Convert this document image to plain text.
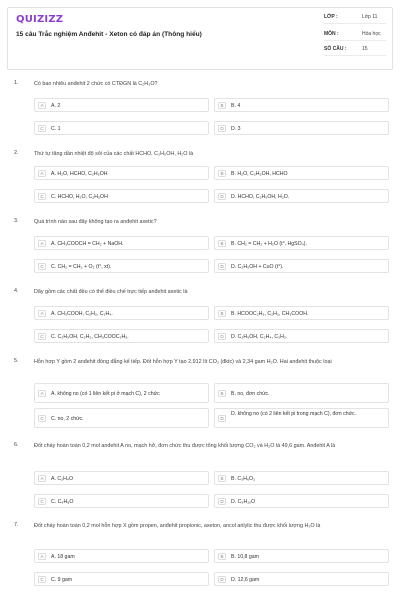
QUIZIZZ
15 câu Trắc nghiệm Anđehit - Xeton có đáp án (Thông hiểu)
LỚP :	Lớp 11
MÔN :	Hóa học
SỐ CÂU :	15
1.	Có bao nhiêu anđehit 2 chức có CTĐGN là C₂H₃O?
A	A. 2	B	B. 4
C	C. 1	D	D. 3
2.	Thứ tự tăng dần nhiệt độ sôi của các chất HCHO, C₂H₅OH, H₂O là
A	A. H₂O, HCHO, C₂H₅OH	B	B. H₂O, C₂H₅OH, HCHO
C	C. HCHO, H₂O, C₂H₅OH	D	D. HCHO, C₂H₅OH, H₂O.
3.	Quá trình nào sau đây không tạo ra anđehit axetic?
A	A. CH₃COOCH = CH₂ + NaOH.	B	B. CH₂ = CH₂ + H₂O (t°, HgSO₄).
C	C. CH₂ = CH₂ + O₂ (t°, xt).	D	D. C₂H₅OH + CuO (t°).
4.	Dãy gồm các chất đều có thể điều chế trực tiếp anđehit axetic là
A	A. CH₃COOH, C₂H₂, C₂H₄.	B	B. HCOOC₂H₃, C₂H₂, CH₃COOH.
C	C. C₂H₅OH, C₂H₂, CH₃COOC₂H₅.	D	D. C₂H₅OH, C₂H₄, C₂H₂.
5.	Hỗn hợp Y gồm 2 anđehit đồng đẳng kế tiếp. Đốt hỗn hợp Y tạo 2,912 lít CO₂ (đktc) và 2,34 gam H₂O. Hai anđehit thuộc loại
A	A. không no (có 1 liên kết pi ở mạch C), 2 chức	B	B. no, đơn chức.
C	C. no, 2 chức.	D
D. không no (có 2 liên kết pi trong mạch C), đơn chức.
6.	Đốt cháy hoàn toàn 0,2 mol anđehit A no, mạch hở, đơn chức thu được tổng khối lượng CO₂ và H₂O là 49,6 gam. Anđehit A là
A	A. C₂H₄O	B	B. C₃H₆O₂
C	C. C₄H₈O	D	D. C₅H₁₀O
7.	Đốt cháy hoàn toàn 0,2 mol hỗn hợp X gồm propen, anđehit propionic, axeton, ancol anlylic thu được khối lượng H₂O là
A	A. 18 gam	B	B. 10,8 gam
C	C. 9 gam	D	D. 12,6 gam
